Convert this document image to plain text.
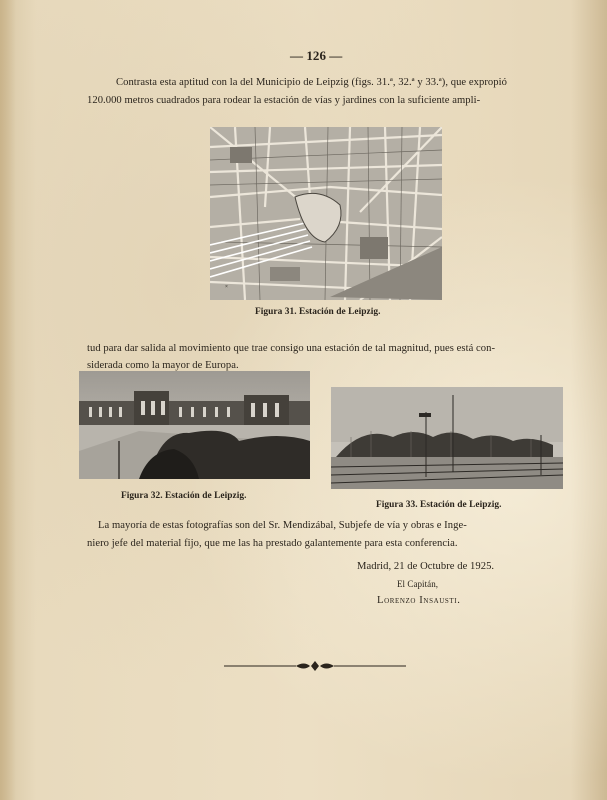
— 126 —
Contrasta esta aptitud con la del Municipio de Leipzig (figs. 31.ª, 32.ª y 33.ª), que expropió
120.000 metros cuadrados para rodear la estación de vías y jardines con la suficiente ampli-
×
Figura 31. Estación de Leipzig.
tud para dar salida al movimiento que trae consigo una estación de tal magnitud, pues está con-
siderada como la mayor de Europa.
Figura 32. Estación de Leipzig.
Figura 33. Estación de Leipzig.
La mayoría de estas fotografías son del Sr. Mendizábal, Subjefe de vía y obras e Inge-
niero jefe del material fijo, que me las ha prestado galantemente para esta conferencia.
Madrid, 21 de Octubre de 1925.
El Capitán,
Lorenzo Insausti.
